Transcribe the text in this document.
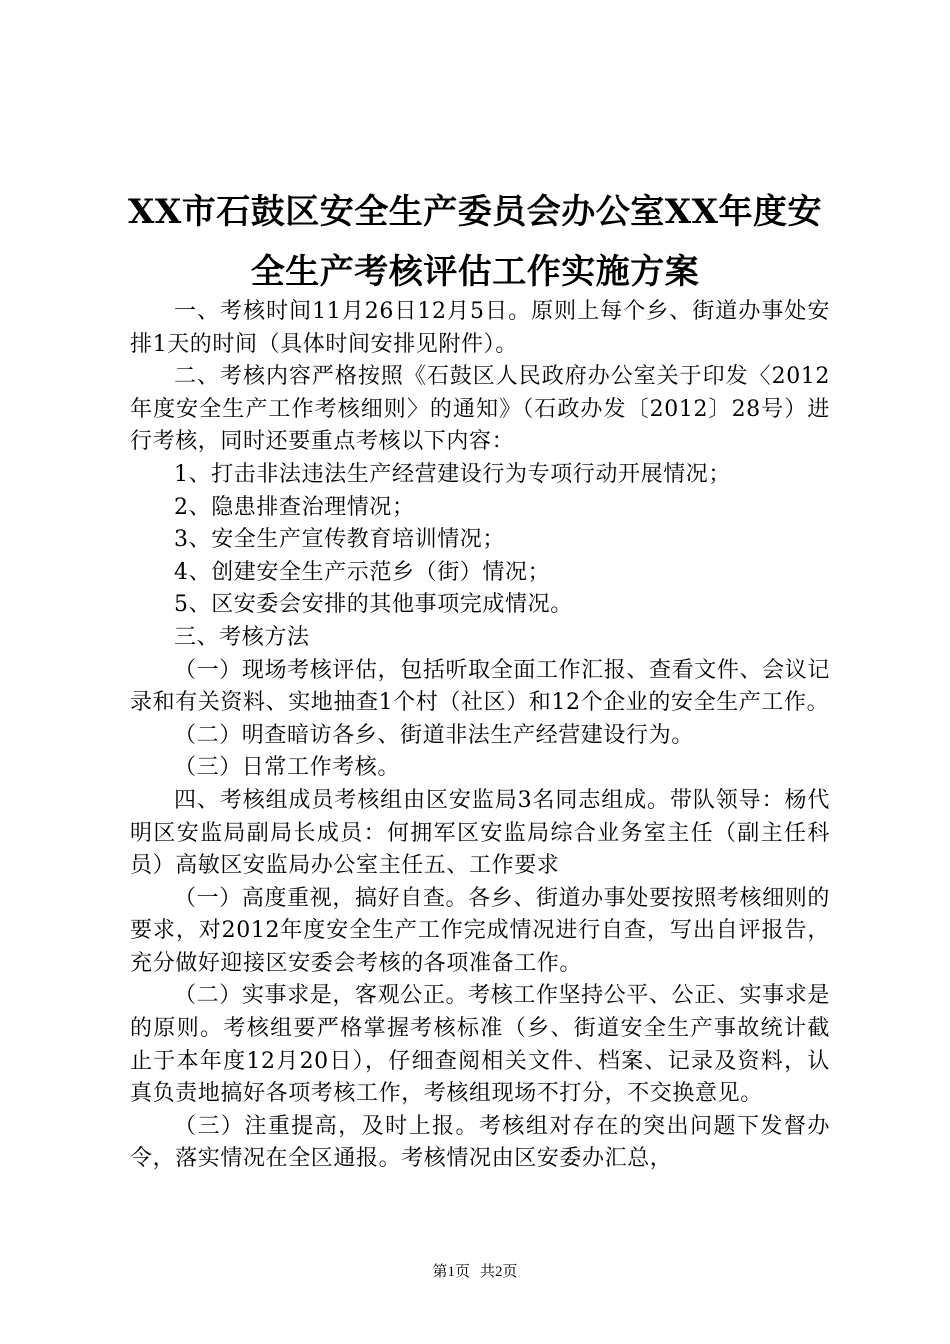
XX市石鼓区安全生产委员会办公室XX年度安
全生产考核评估工作实施方案

一、考核时间11月26日12月5日。原则上每个乡、街道办事处安排1天的时间（具体时间安排见附件）。

二、考核内容严格按照《石鼓区人民政府办公室关于印发〈2012年度安全生产工作考核细则〉的通知》（石政办发〔2012〕28号）进行考核，同时还要重点考核以下内容：

1、打击非法违法生产经营建设行为专项行动开展情况；

2、隐患排查治理情况；

3、安全生产宣传教育培训情况；

4、创建安全生产示范乡（街）情况；

5、区安委会安排的其他事项完成情况。

三、考核方法

（一）现场考核评估，包括听取全面工作汇报、查看文件、会议记录和有关资料、实地抽查1个村（社区）和12个企业的安全生产工作。

（二）明查暗访各乡、街道非法生产经营建设行为。

（三）日常工作考核。

四、考核组成员考核组由区安监局3名同志组成。带队领导：杨代明区安监局副局长成员：何拥军区安监局综合业务室主任（副主任科员）高敏区安监局办公室主任五、工作要求

（一）高度重视，搞好自查。各乡、街道办事处要按照考核细则的要求，对2012年度安全生产工作完成情况进行自查，写出自评报告，充分做好迎接区安委会考核的各项准备工作。

（二）实事求是，客观公正。考核工作坚持公平、公正、实事求是的原则。考核组要严格掌握考核标准（乡、街道安全生产事故统计截止于本年度12月20日），仔细查阅相关文件、档案、记录及资料，认真负责地搞好各项考核工作，考核组现场不打分，不交换意见。

（三）注重提高，及时上报。考核组对存在的突出问题下发督办令，落实情况在全区通报。考核情况由区安委办汇总，

第1页 共2页
